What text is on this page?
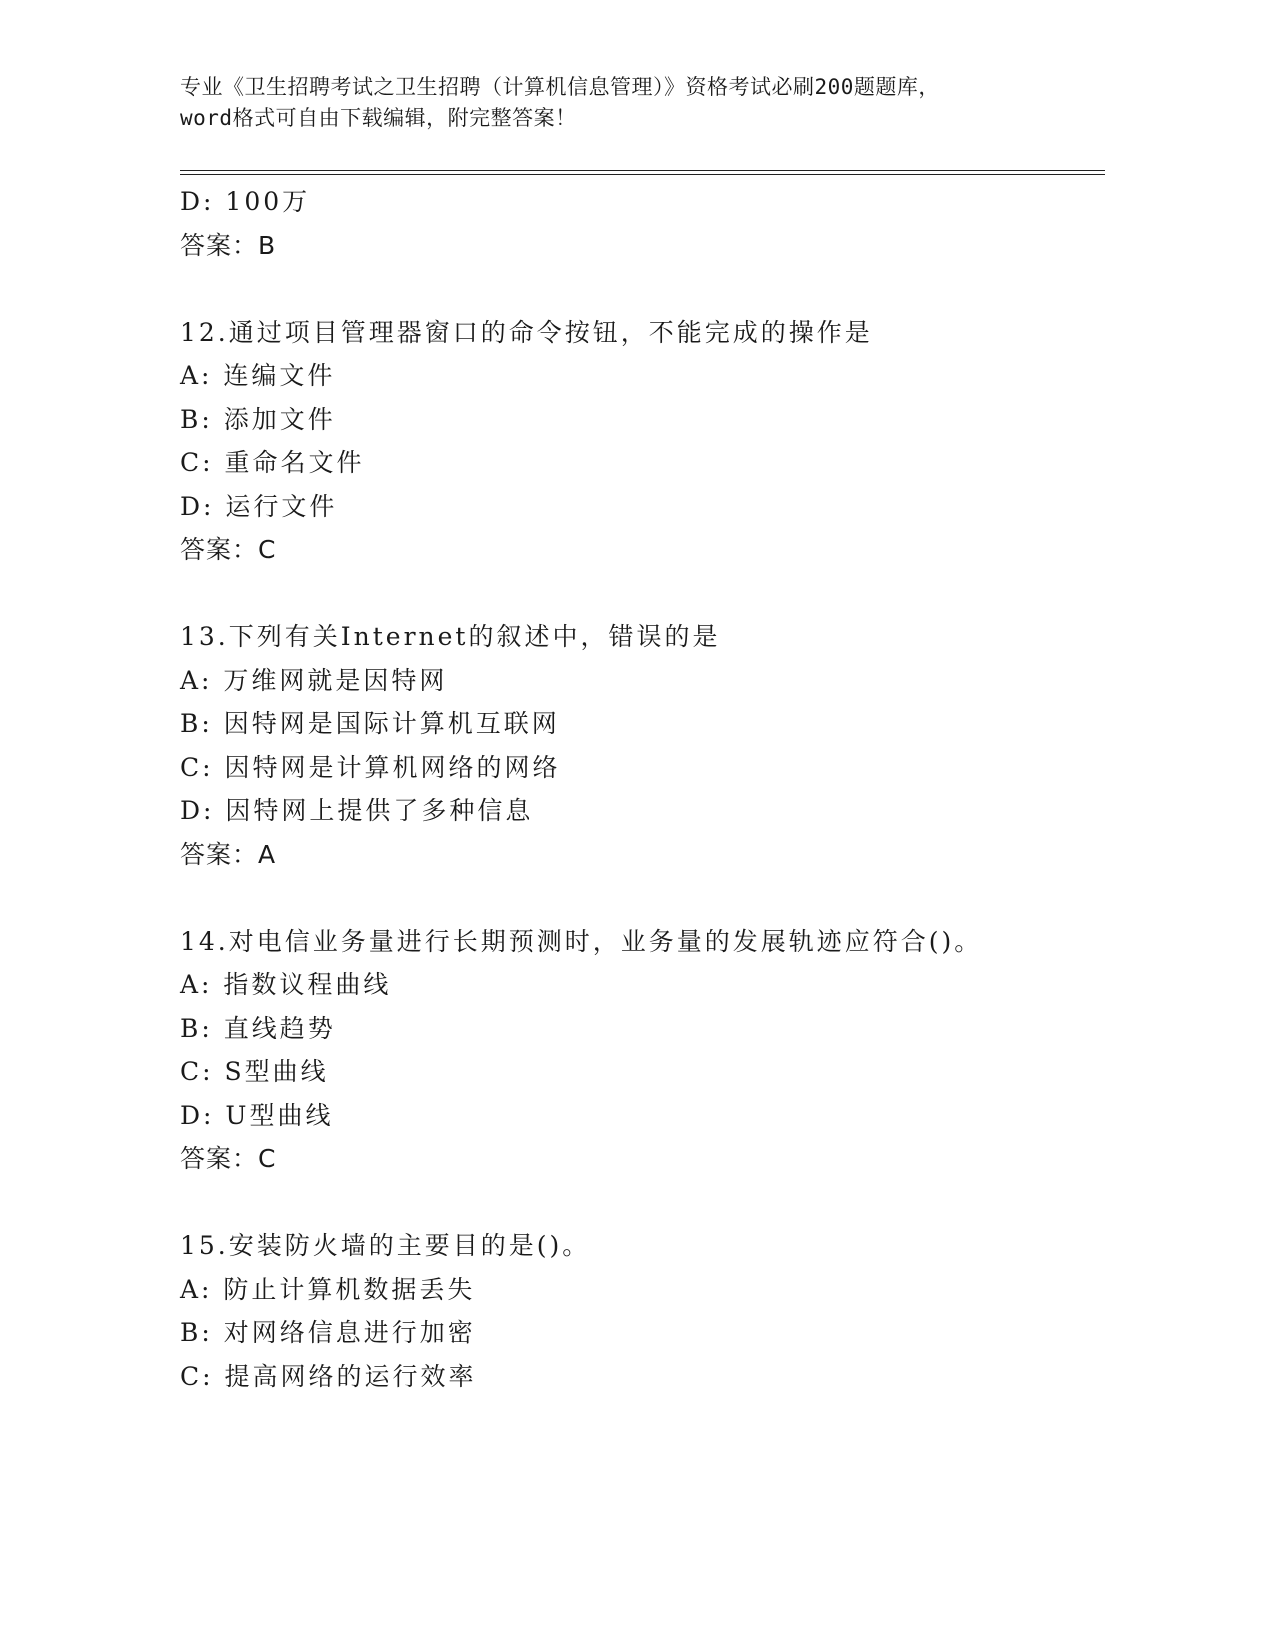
专业《卫生招聘考试之卫生招聘（计算机信息管理）》资格考试必刷200题题库，
word格式可自由下载编辑，附完整答案！
D: 100万
答案：B
12.通过项目管理器窗口的命令按钮，不能完成的操作是
A: 连编文件
B: 添加文件
C: 重命名文件
D: 运行文件
答案：C
13.下列有关Internet的叙述中，错误的是
A: 万维网就是因特网
B: 因特网是国际计算机互联网
C: 因特网是计算机网络的网络
D: 因特网上提供了多种信息
答案：A
14.对电信业务量进行长期预测时，业务量的发展轨迹应符合()。
A: 指数议程曲线
B: 直线趋势
C: S型曲线
D: U型曲线
答案：C
15.安装防火墙的主要目的是()。
A: 防止计算机数据丢失
B: 对网络信息进行加密
C: 提高网络的运行效率
